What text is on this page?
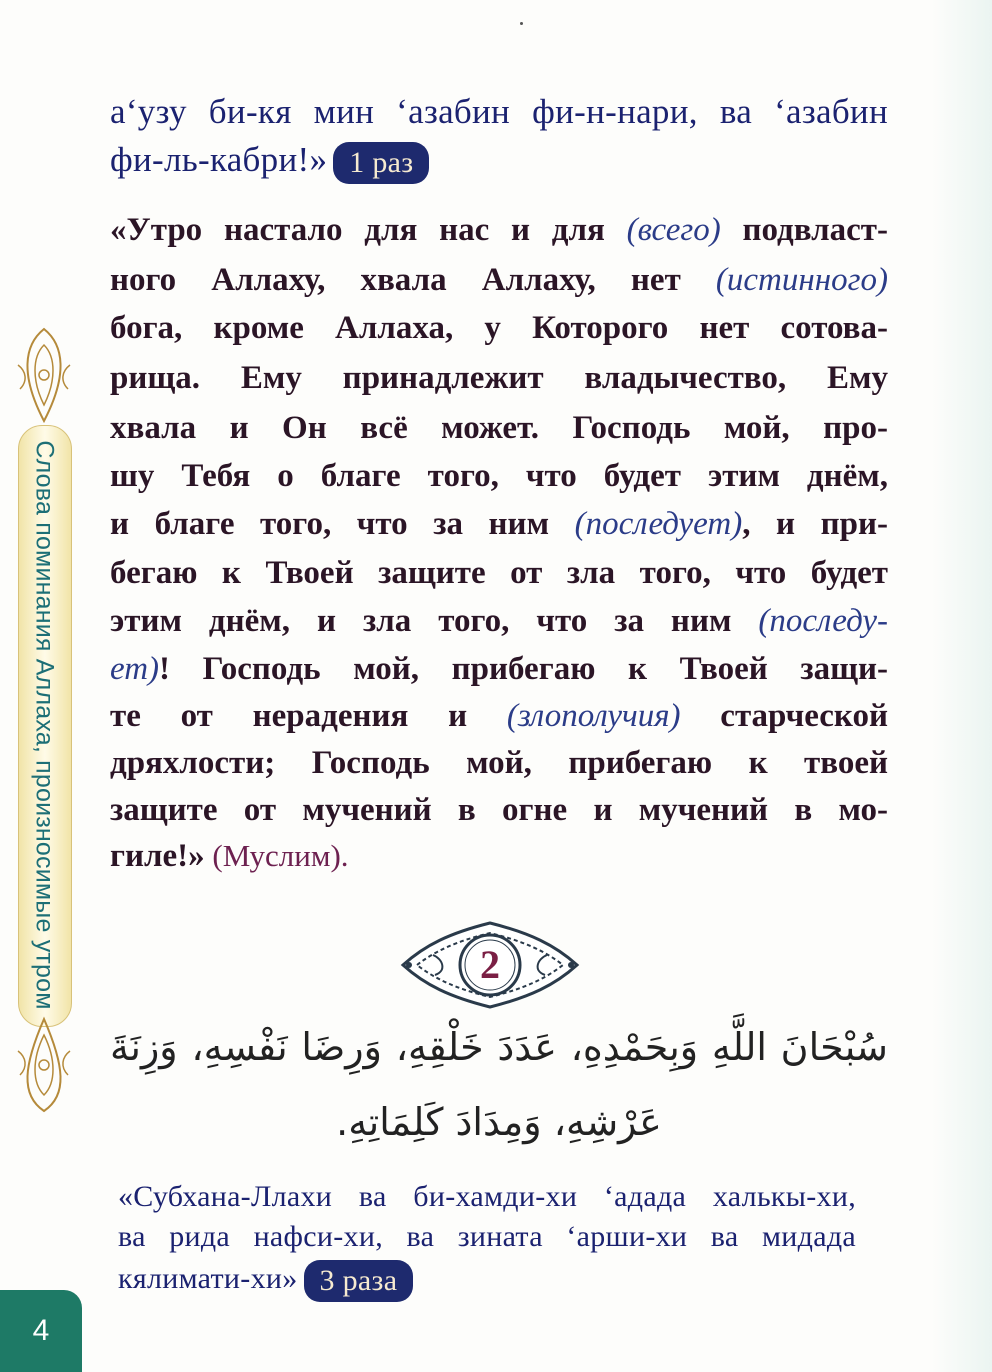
Слова поминания Аллаха, произносимые утром
а‘узу би-кя мин ‘азабин фи-н-нари, ва ‘азабин
фи-ль-кабри!» 1 раз
«Утро настало для нас и для (всего) подвласт-
ного Аллаху, хвала Аллаху, нет (истинного)
бога, кроме Аллаха, у Которого нет сотова-
рища. Ему принадлежит владычество, Ему
хвала и Он всё может. Господь мой, про-
шу Тебя о благе того, что будет этим днём,
и благе того, что за ним (последует), и при-
бегаю к Твоей защите от зла того, что будет
этим днём, и зла того, что за ним (последу-
ет)! Господь мой, прибегаю к Твоей защи-
те от нерадения и (злополучия) старческой
дряхлости; Господь мой, прибегаю к твоей
защите от мучений в огне и мучений в мо-
гиле!» (Муслим).
2
سُبْحَانَ اللَّهِ وَبِحَمْدِهِ، عَدَدَ خَلْقِهِ، وَرِضَا نَفْسِهِ، وَزِنَةَ
عَرْشِهِ، وَمِدَادَ كَلِمَاتِهِ.
«Субхана-Ллахи ва би-хамди-хи ‘адада халькы-хи,
ва рида нафси-хи, ва зината ‘арши-хи ва мидада
кялимати-хи» 3 раза
4
